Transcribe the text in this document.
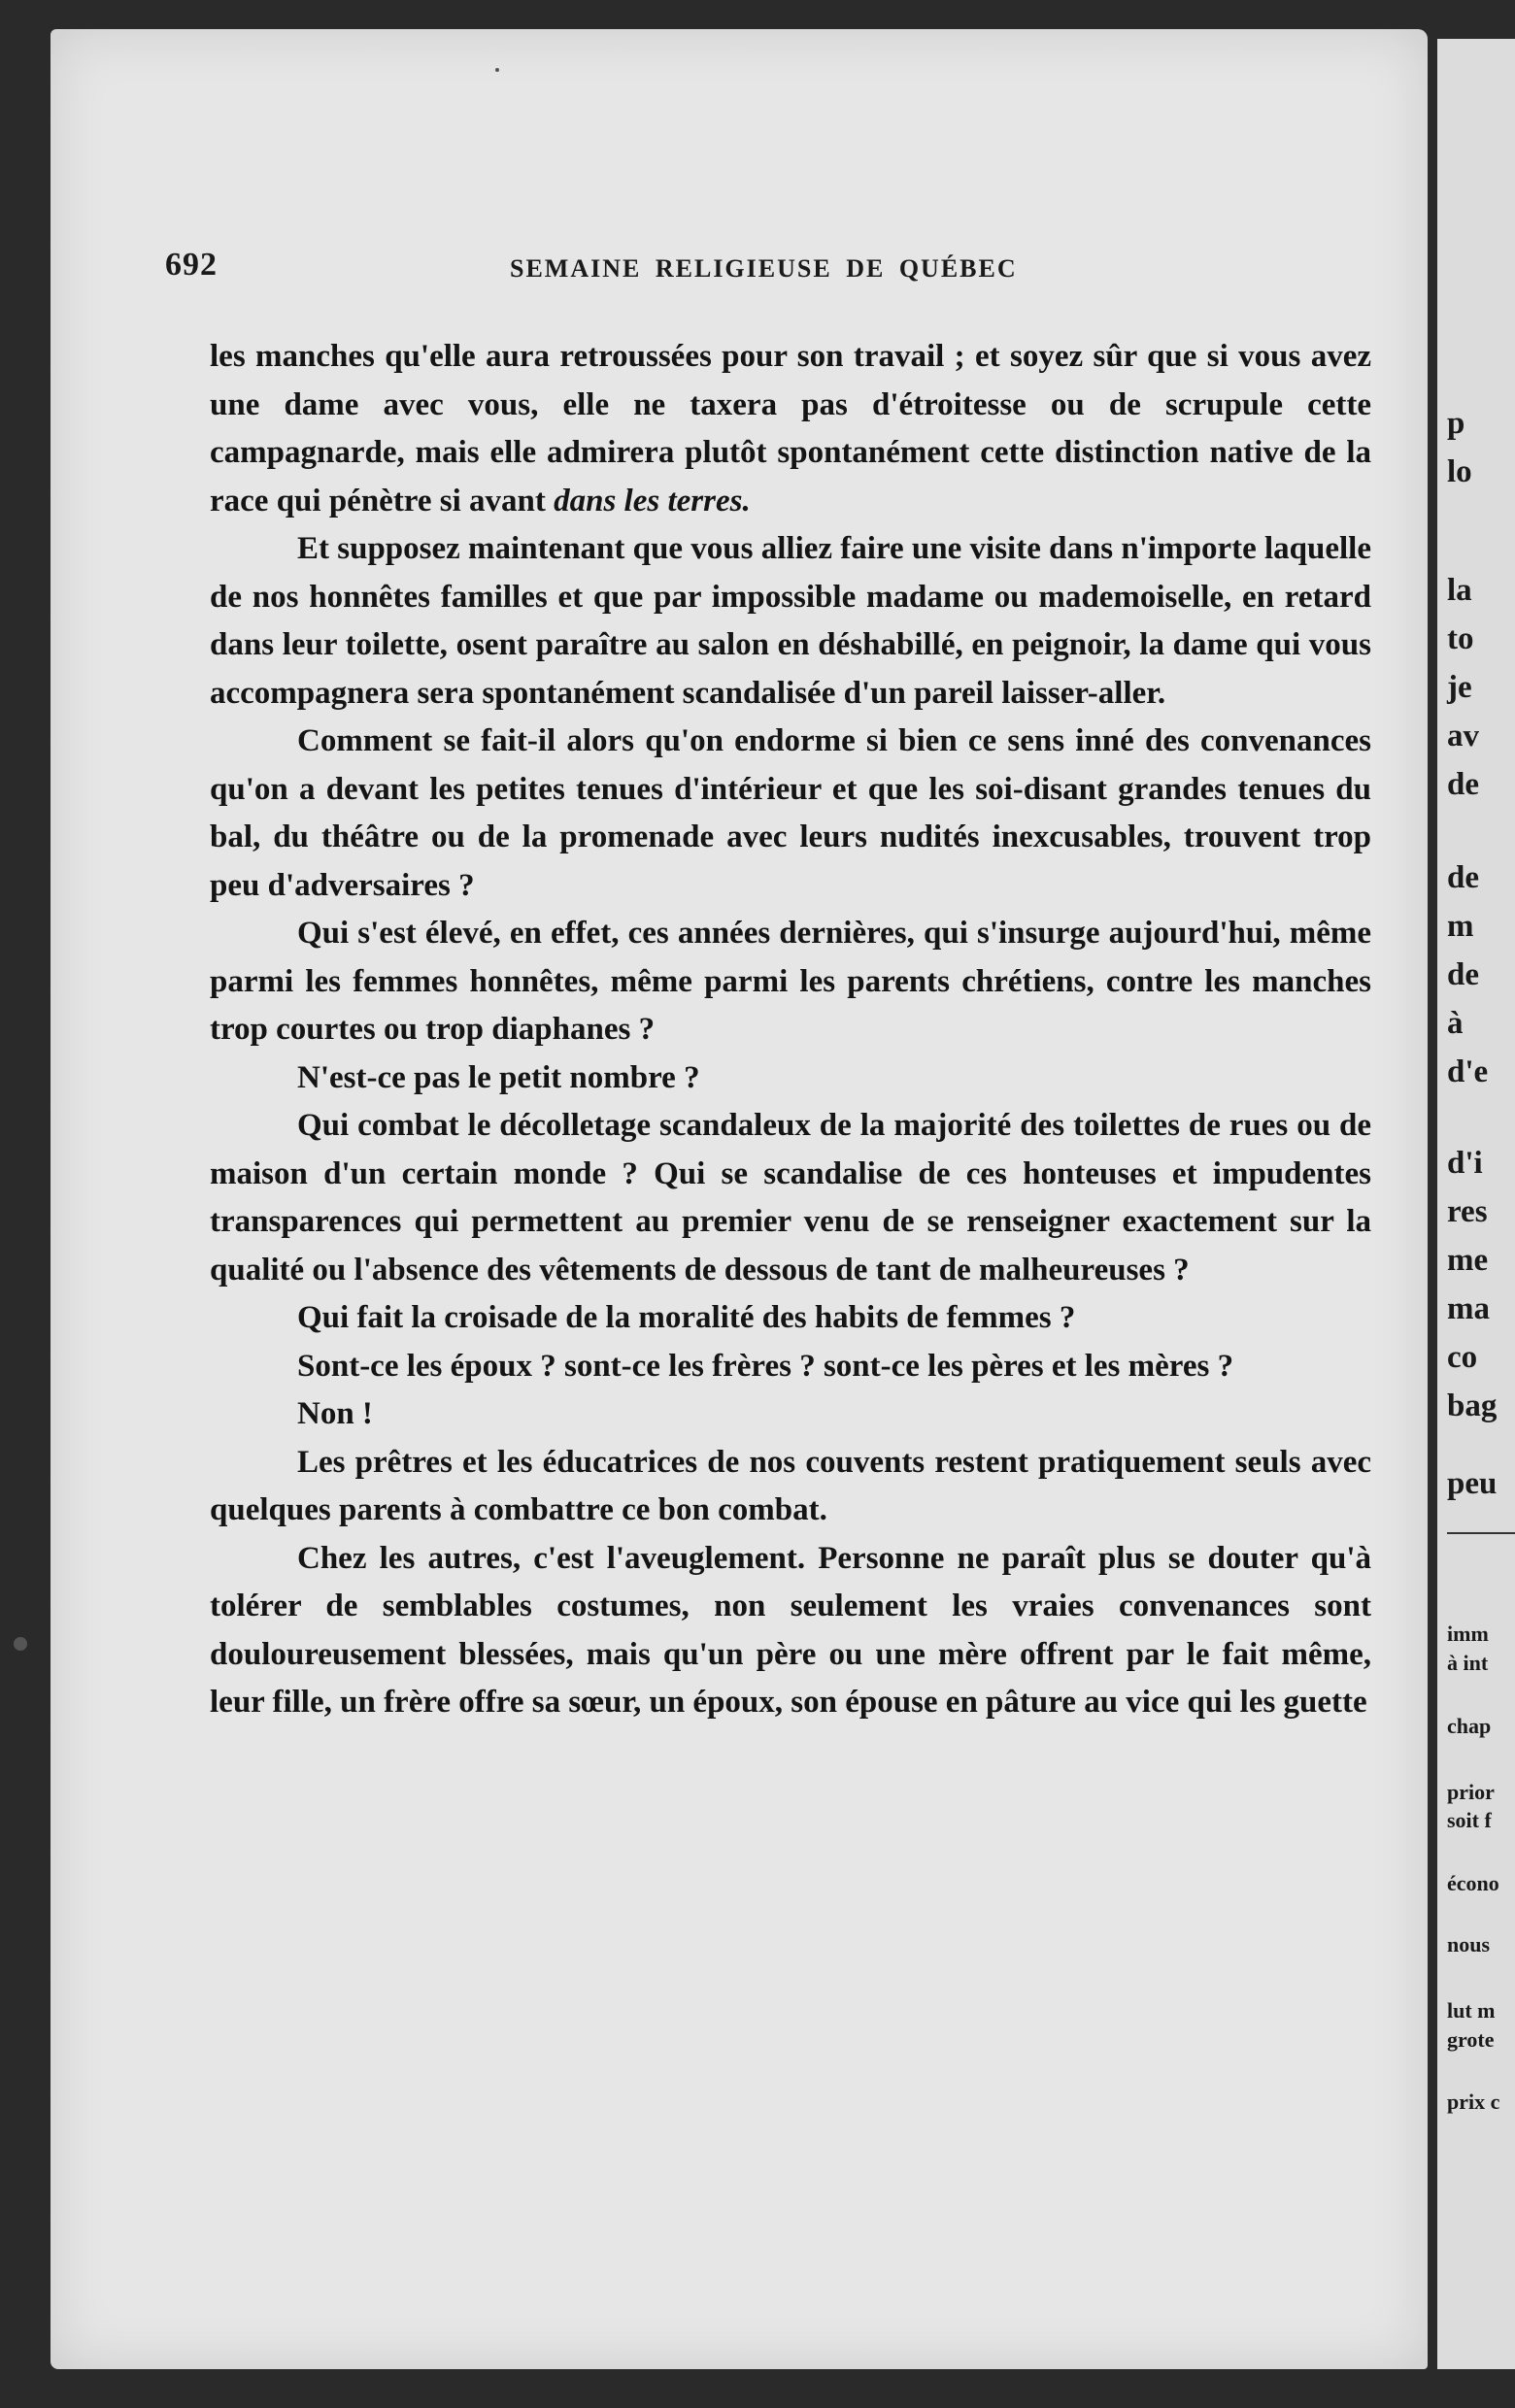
692	SEMAINE RELIGIEUSE DE QUÉBEC

les manches qu'elle aura retroussées pour son travail ; et soyez sûr que si vous avez une dame avec vous, elle ne taxera pas d'étroitesse ou de scrupule cette campagnarde, mais elle admirera plutôt spontanément cette distinction native de la race qui pénètre si avant dans les terres.

Et supposez maintenant que vous alliez faire une visite dans n'importe laquelle de nos honnêtes familles et que par impossible madame ou mademoiselle, en retard dans leur toilette, osent paraître au salon en déshabillé, en peignoir, la dame qui vous accompagnera sera spontanément scandalisée d'un pareil laisser-aller.

Comment se fait-il alors qu'on endorme si bien ce sens inné des convenances qu'on a devant les petites tenues d'intérieur et que les soi-disant grandes tenues du bal, du théâtre ou de la promenade avec leurs nudités inexcusables, trouvent trop peu d'adversaires ?

Qui s'est élevé, en effet, ces années dernières, qui s'insurge aujourd'hui, même parmi les femmes honnêtes, même parmi les parents chrétiens, contre les manches trop courtes ou trop diaphanes ?

N'est-ce pas le petit nombre ?

Qui combat le décolletage scandaleux de la majorité des toilettes de rues ou de maison d'un certain monde ? Qui se scandalise de ces honteuses et impudentes transparences qui permettent au premier venu de se renseigner exactement sur la qualité ou l'absence des vêtements de dessous de tant de malheureuses ?

Qui fait la croisade de la moralité des habits de femmes ?

Sont-ce les époux ? sont-ce les frères ? sont-ce les pères et les mères ?

Non !

Les prêtres et les éducatrices de nos couvents restent pratiquement seuls avec quelques parents à combattre ce bon combat.

Chez les autres, c'est l'aveuglement. Personne ne paraît plus se douter qu'à tolérer de semblables costumes, non seulement les vraies convenances sont douloureusement blessées, mais qu'un père ou une mère offrent par le fait même, leur fille, un frère offre sa sœur, un époux, son épouse en pâture au vice qui les guette

p
lo
la
to
je
av
de
de
m
de
à
d'e
d'i
res
me
ma
co
bag
peu
imm
à int
chap
prior
soit f
écono
nous
lut m
grote
prix c
